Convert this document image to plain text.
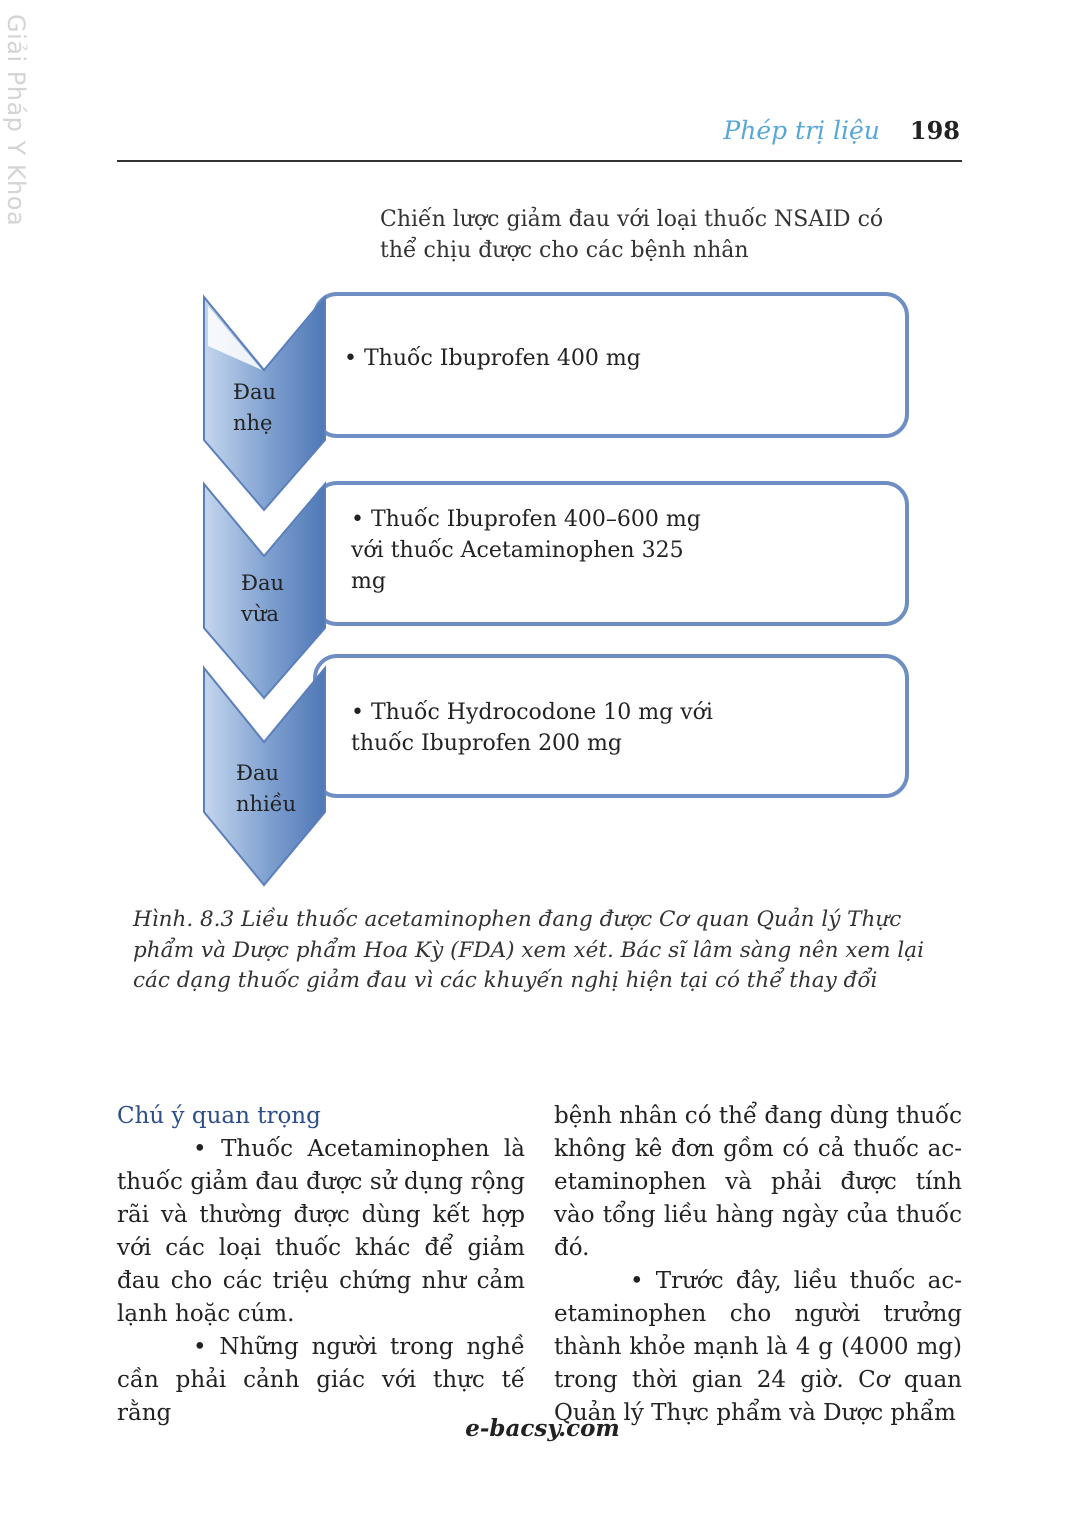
Giải Pháp Y Khoa	Phép trị liệu 198
Chiến lược giảm đau với loại thuốc NSAID có thể chịu được cho các bệnh nhân
Đau
nhẹ
Đau
vừa
Đau
nhiều
• Thuốc Ibuprofen 400 mg
• Thuốc Ibuprofen 400–600 mg
với thuốc Acetaminophen 325
mg
• Thuốc Hydrocodone 10 mg với
thuốc Ibuprofen 200 mg
Hình. 8.3 Liều thuốc acetaminophen đang được Cơ quan Quản lý Thực phẩm và Dược phẩm Hoa Kỳ (FDA) xem xét. Bác sĩ lâm sàng nên xem lại các dạng thuốc giảm đau vì các khuyến nghị hiện tại có thể thay đổi

Chú ý quan trọng

• Thuốc Acetaminophen là thuốc giảm đau được sử dụng rộng rãi và thường được dùng kết hợp với các loại thuốc khác để giảm đau cho các triệu chứng như cảm lạnh hoặc cúm.

• Những người trong nghề cần phải cảnh giác với thực tế rằng

bệnh nhân có thể đang dùng thuốc không kê đơn gồm có cả thuốc ac- etaminophen và phải được tính vào tổng liều hàng ngày của thuốc đó.

• Trước đây, liều thuốc ac- etaminophen cho người trưởng thành khỏe mạnh là 4 g (4000 mg) trong thời gian 24 giờ. Cơ quan Quản lý Thực phẩm và Dược phẩm

e-bacsy.com
